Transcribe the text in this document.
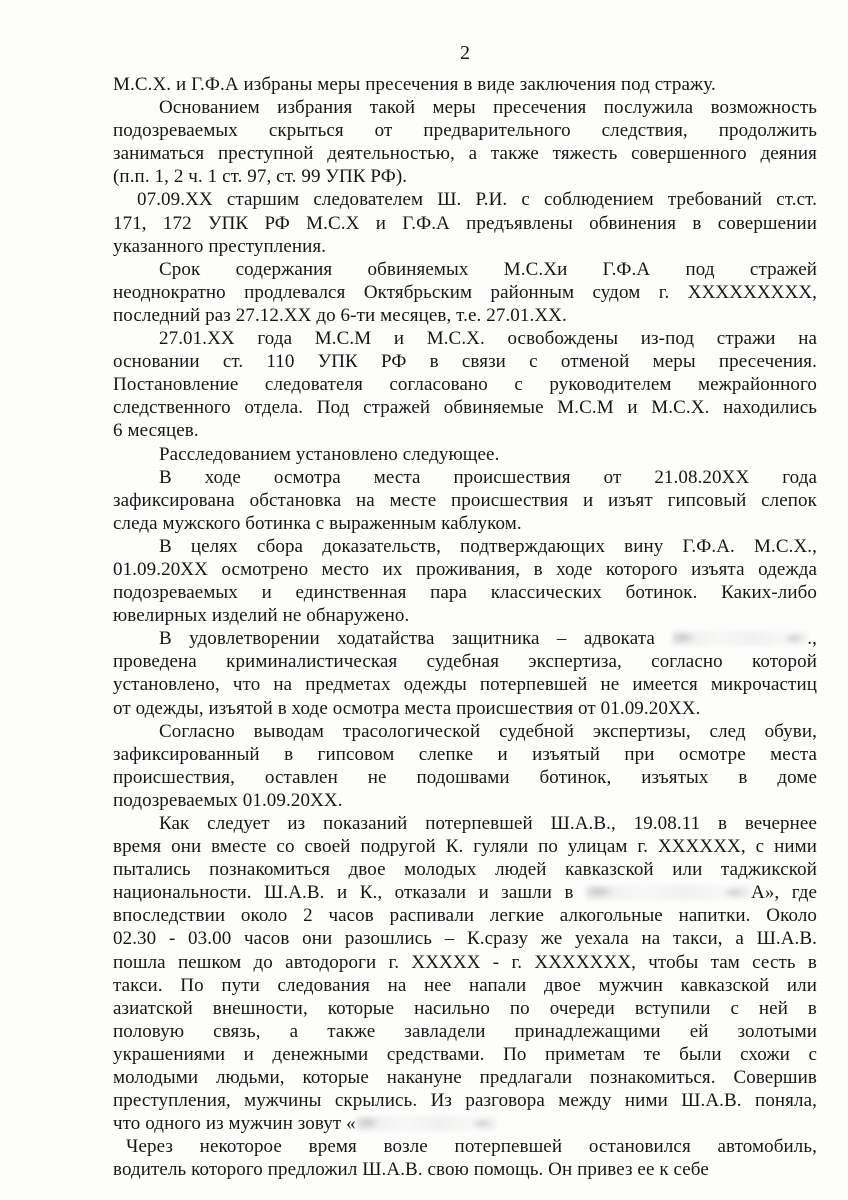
2
М.С.Х. и Г.Ф.А избраны меры пресечения в виде заключения под стражу.
Основанием избрания такой меры пресечения послужила возможность
подозреваемых скрыться от предварительного следствия, продолжить
заниматься преступной деятельностью, а также тяжесть совершенного деяния
(п.п. 1, 2 ч. 1 ст. 97, ст. 99 УПК РФ).
07.09.ХХ старшим следователем Ш. Р.И. с соблюдением требований ст.ст.
171, 172 УПК РФ М.С.Х и Г.Ф.А предъявлены обвинения в совершении
указанного преступления.
Срок содержания обвиняемых М.С.Хи Г.Ф.А под стражей
неоднократно продлевался Октябрьским районным судом г. ХХХХХХХХХ,
последний раз 27.12.ХХ до 6-ти месяцев, т.е. 27.01.ХХ.
27.01.ХХ года М.С.М и М.С.Х. освобождены из-под стражи на
основании ст. 110 УПК РФ в связи с отменой меры пресечения.
Постановление следователя согласовано с руководителем межрайонного
следственного отдела. Под стражей обвиняемые М.С.М и М.С.Х. находились
6 месяцев.
Расследованием установлено следующее.
В ходе осмотра места происшествия от 21.08.20ХХ года
зафиксирована обстановка на месте происшествия и изъят гипсовый слепок
следа мужского ботинка с выраженным каблуком.
В целях сбора доказательств, подтверждающих вину Г.Ф.А. М.С.Х.,
01.09.20ХХ осмотрено место их проживания, в ходе которого изъята одежда
подозреваемых и единственная пара классических ботинок. Каких-либо
ювелирных изделий не обнаружено.
В удовлетворении ходатайства защитника – адвоката	.,
проведена криминалистическая судебная экспертиза, согласно которой
установлено, что на предметах одежды потерпевшей не имеется микрочастиц
от одежды, изъятой в ходе осмотра места происшествия от 01.09.20ХХ.
Согласно выводам трасологической судебной экспертизы, след обуви,
зафиксированный в гипсовом слепке и изъятый при осмотре места
происшествия, оставлен не подошвами ботинок, изъятых в доме
подозреваемых 01.09.20ХХ.
Как следует из показаний потерпевшей Ш.А.В., 19.08.11 в вечернее
время они вместе со своей подругой К. гуляли по улицам г. ХХХХХХ, с ними
пытались познакомиться двое молодых людей кавказской или таджикской
национальности. Ш.А.В. и К., отказали и зашли в	А», где
впоследствии около 2 часов распивали легкие алкогольные напитки. Около
02.30 - 03.00 часов они разошлись – К.сразу же уехала на такси, а Ш.А.В.
пошла пешком до автодороги г. ХХХХХ - г. ХХХХХХХ, чтобы там сесть в
такси. По пути следования на нее напали двое мужчин кавказской или
азиатской внешности, которые насильно по очереди вступили с ней в
половую связь, а также завладели принадлежащими ей золотыми
украшениями и денежными средствами. По приметам те были схожи с
молодыми людьми, которые накануне предлагали познакомиться. Совершив
преступления, мужчины скрылись. Из разговора между ними Ш.А.В. поняла,
что одного из мужчин зовут «
Через некоторое время возле потерпевшей остановился автомобиль,
водитель которого предложил Ш.А.В. свою помощь. Он привез ее к себе
